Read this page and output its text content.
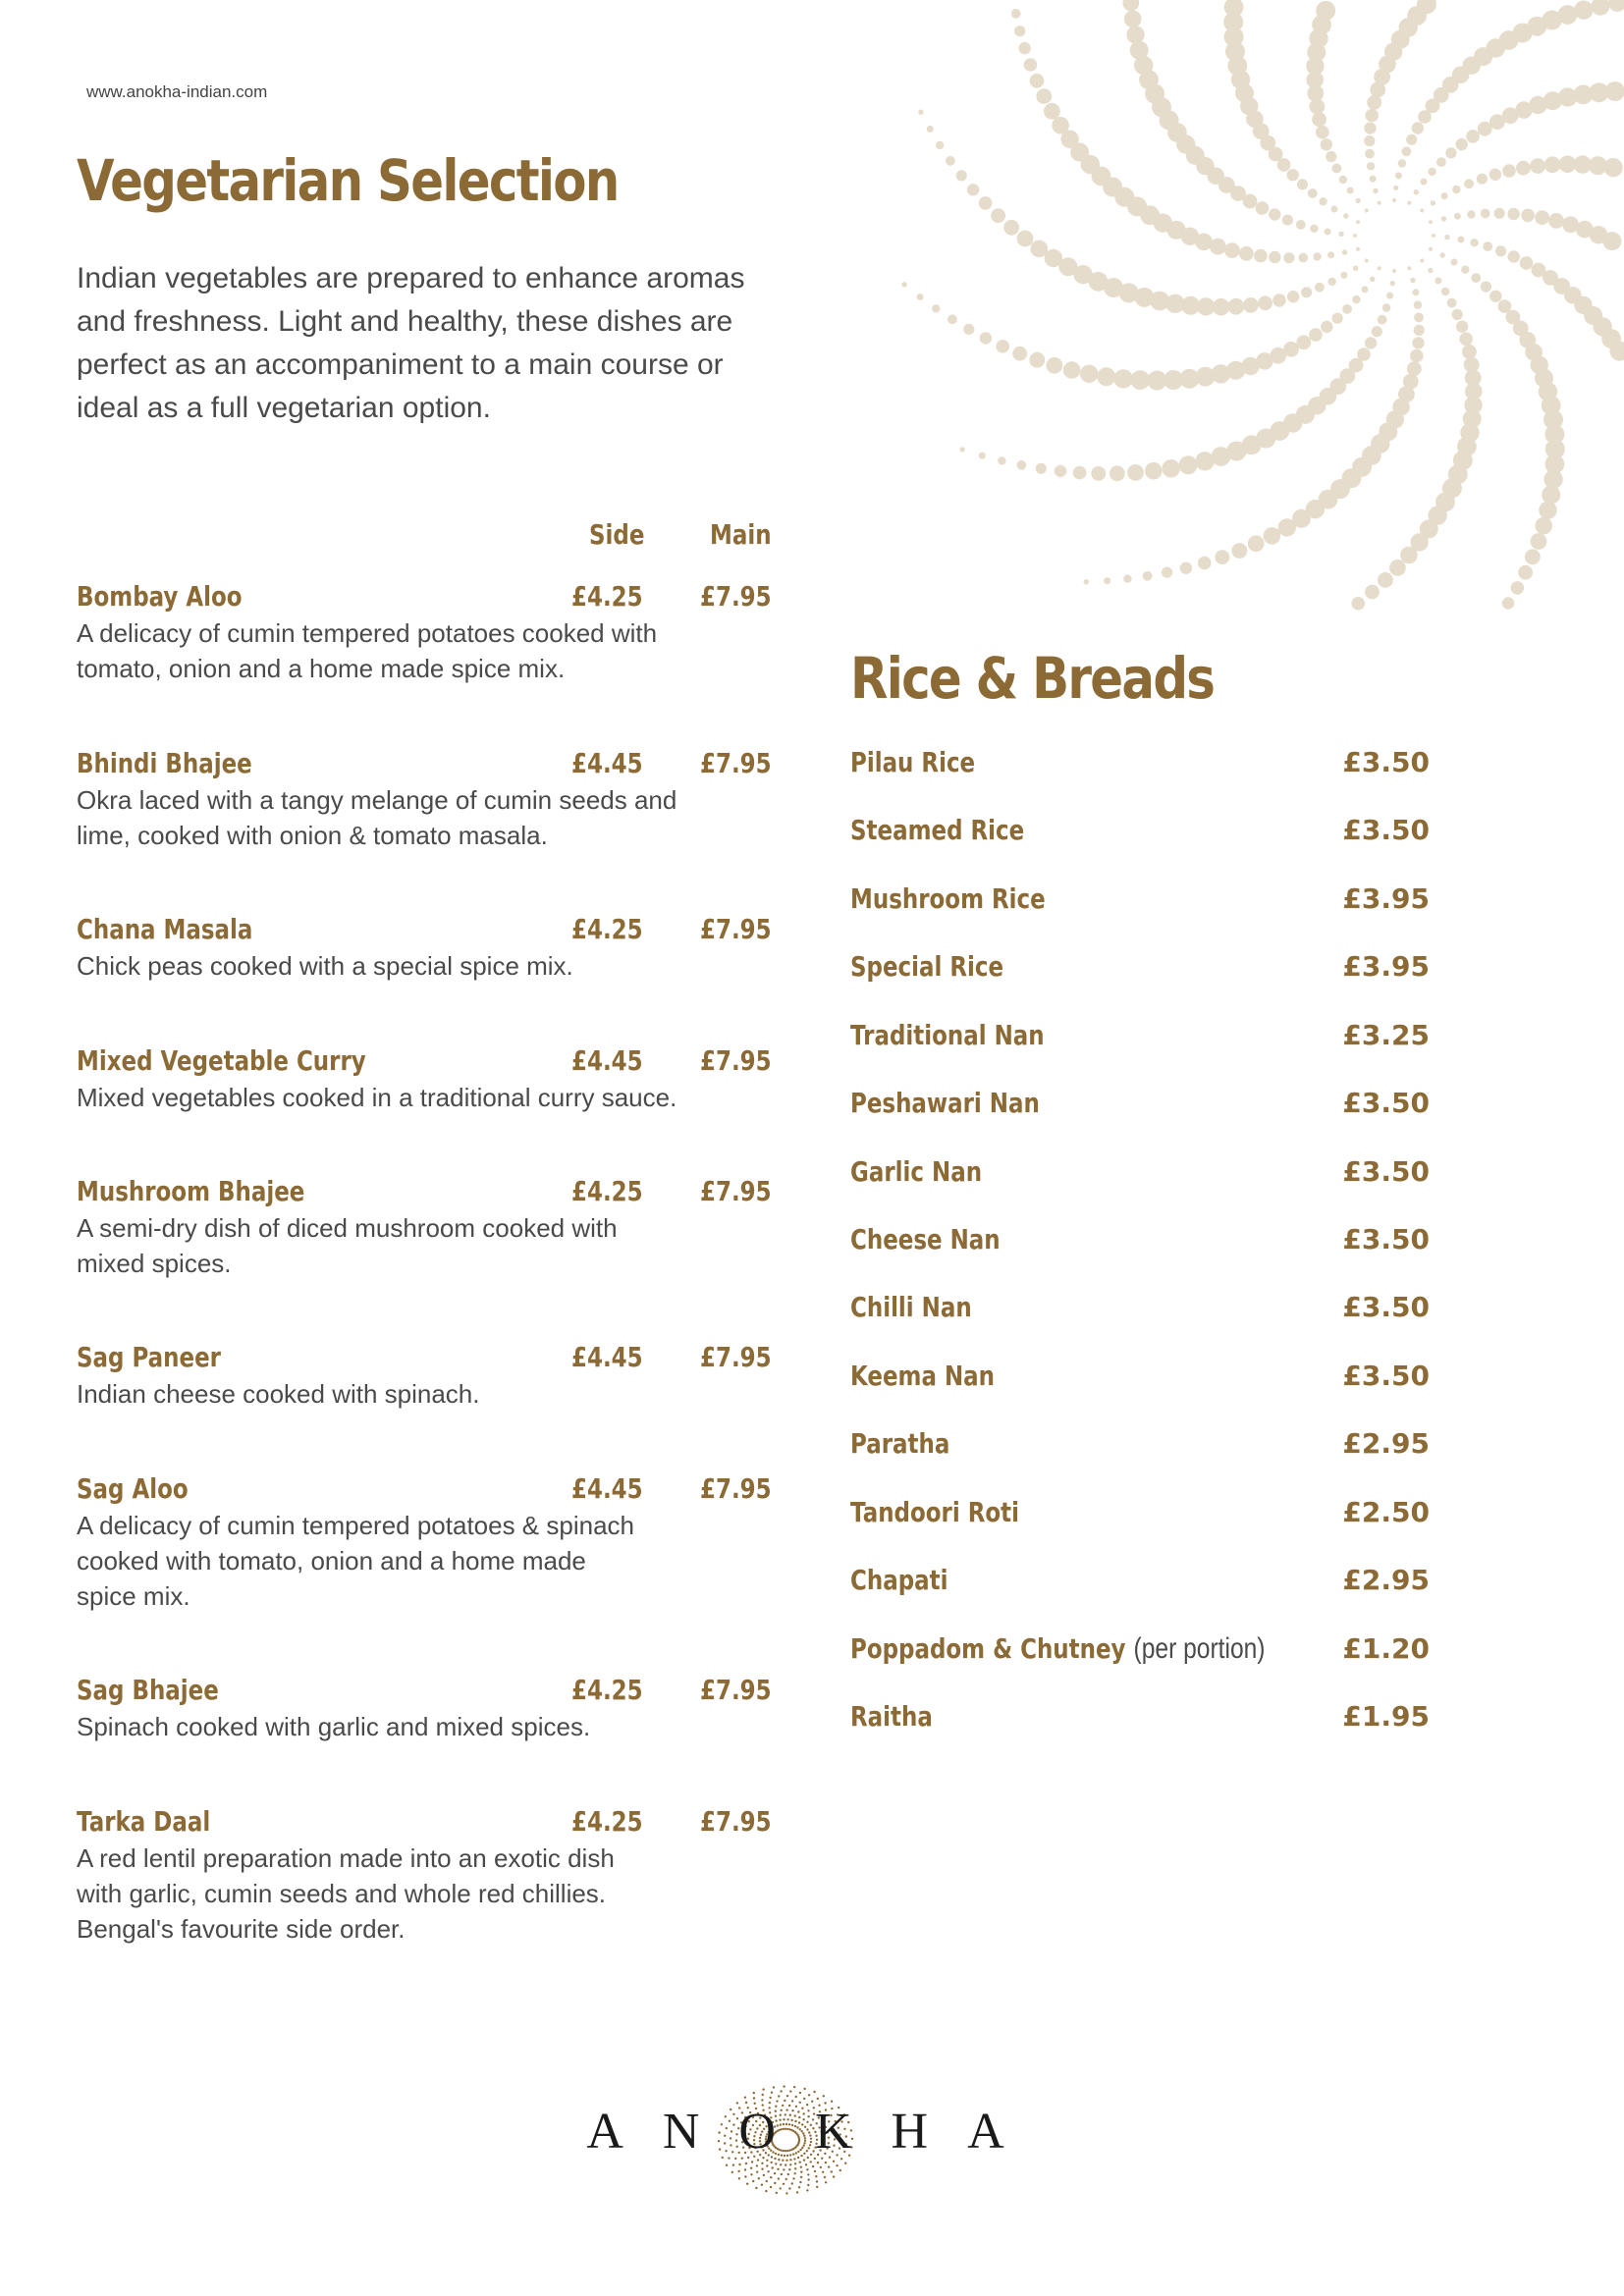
www.anokha-indian.com
Vegetarian Selection
Indian vegetables are prepared to enhance aromas and freshness. Light and healthy, these dishes are perfect as an accompaniment to a main course or ideal as a full vegetarian option.
Side Main
Bombay Aloo	£4.25 £7.95
A delicacy of cumin tempered potatoes cooked with tomato, onion and a home made spice mix.
Bhindi Bhajee	£4.45 £7.95
Okra laced with a tangy melange of cumin seeds and lime, cooked with onion & tomato masala.
Chana Masala	£4.25 £7.95
Chick peas cooked with a special spice mix.
Mixed Vegetable Curry	£4.45 £7.95
Mixed vegetables cooked in a traditional curry sauce.
Mushroom Bhajee	£4.25 £7.95
A semi-dry dish of diced mushroom cooked with mixed spices.
Sag Paneer	£4.45 £7.95
Indian cheese cooked with spinach.
Sag Aloo	£4.45 £7.95
A delicacy of cumin tempered potatoes & spinach cooked with tomato, onion and a home made spice mix.
Sag Bhajee	£4.25 £7.95
Spinach cooked with garlic and mixed spices.
Tarka Daal	£4.25 £7.95
A red lentil preparation made into an exotic dish with garlic, cumin seeds and whole red chillies. Bengal's favourite side order.
Rice & Breads
Pilau Rice	£3.50
Steamed Rice	£3.50
Mushroom Rice	£3.95
Special Rice	£3.95
Traditional Nan	£3.25
Peshawari Nan	£3.50
Garlic Nan	£3.50
Cheese Nan	£3.50
Chilli Nan	£3.50
Keema Nan	£3.50
Paratha	£2.95
Tandoori Roti	£2.50
Chapati	£2.95
Poppadom & Chutney (per portion)	£1.20
Raitha	£1.95
ANOKHA
